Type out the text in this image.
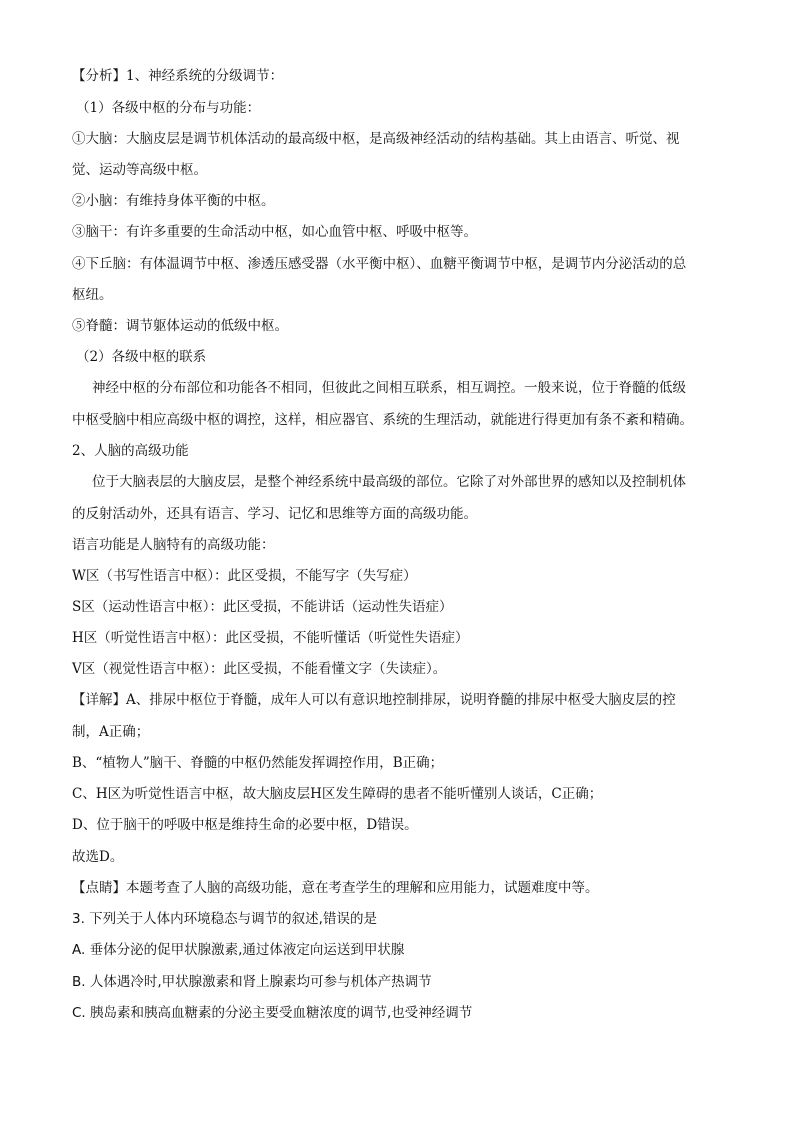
【分析】1、神经系统的分级调节：
（1）各级中枢的分布与功能：
①大脑：大脑皮层是调节机体活动的最高级中枢，是高级神经活动的结构基础。其上由语言、听觉、视
觉、运动等高级中枢。
②小脑：有维持身体平衡的中枢。
③脑干：有许多重要的生命活动中枢，如心血管中枢、呼吸中枢等。
④下丘脑：有体温调节中枢、渗透压感受器（水平衡中枢）、血糖平衡调节中枢，是调节内分泌活动的总
枢纽。
⑤脊髓：调节躯体运动的低级中枢。
（2）各级中枢的联系
神经中枢的分布部位和功能各不相同，但彼此之间相互联系，相互调控。一般来说，位于脊髓的低级
中枢受脑中相应高级中枢的调控，这样，相应器官、系统的生理活动，就能进行得更加有条不紊和精确。
2、人脑的高级功能
位于大脑表层的大脑皮层，是整个神经系统中最高级的部位。它除了对外部世界的感知以及控制机体
的反射活动外，还具有语言、学习、记忆和思维等方面的高级功能。
语言功能是人脑特有的高级功能：
W区（书写性语言中枢）：此区受损，不能写字（失写症）
S区（运动性语言中枢）：此区受损，不能讲话（运动性失语症）
H区（听觉性语言中枢）：此区受损，不能听懂话（听觉性失语症）
V区（视觉性语言中枢）：此区受损，不能看懂文字（失读症）。
【详解】A、排尿中枢位于脊髓，成年人可以有意识地控制排尿，说明脊髓的排尿中枢受大脑皮层的控
制，A正确；
B、“植物人”脑干、脊髓的中枢仍然能发挥调控作用，B正确；
C、H区为听觉性语言中枢，故大脑皮层H区发生障碍的患者不能听懂别人谈话，C正确；
D、位于脑干的呼吸中枢是维持生命的必要中枢，D错误。
故选D。
【点睛】本题考查了人脑的高级功能，意在考查学生的理解和应用能力，试题难度中等。
3. 下列关于人体内环境稳态与调节的叙述,错误的是
A. 垂体分泌的促甲状腺激素,通过体液定向运送到甲状腺
B. 人体遇冷时,甲状腺激素和肾上腺素均可参与机体产热调节
C. 胰岛素和胰高血糖素的分泌主要受血糖浓度的调节,也受神经调节
